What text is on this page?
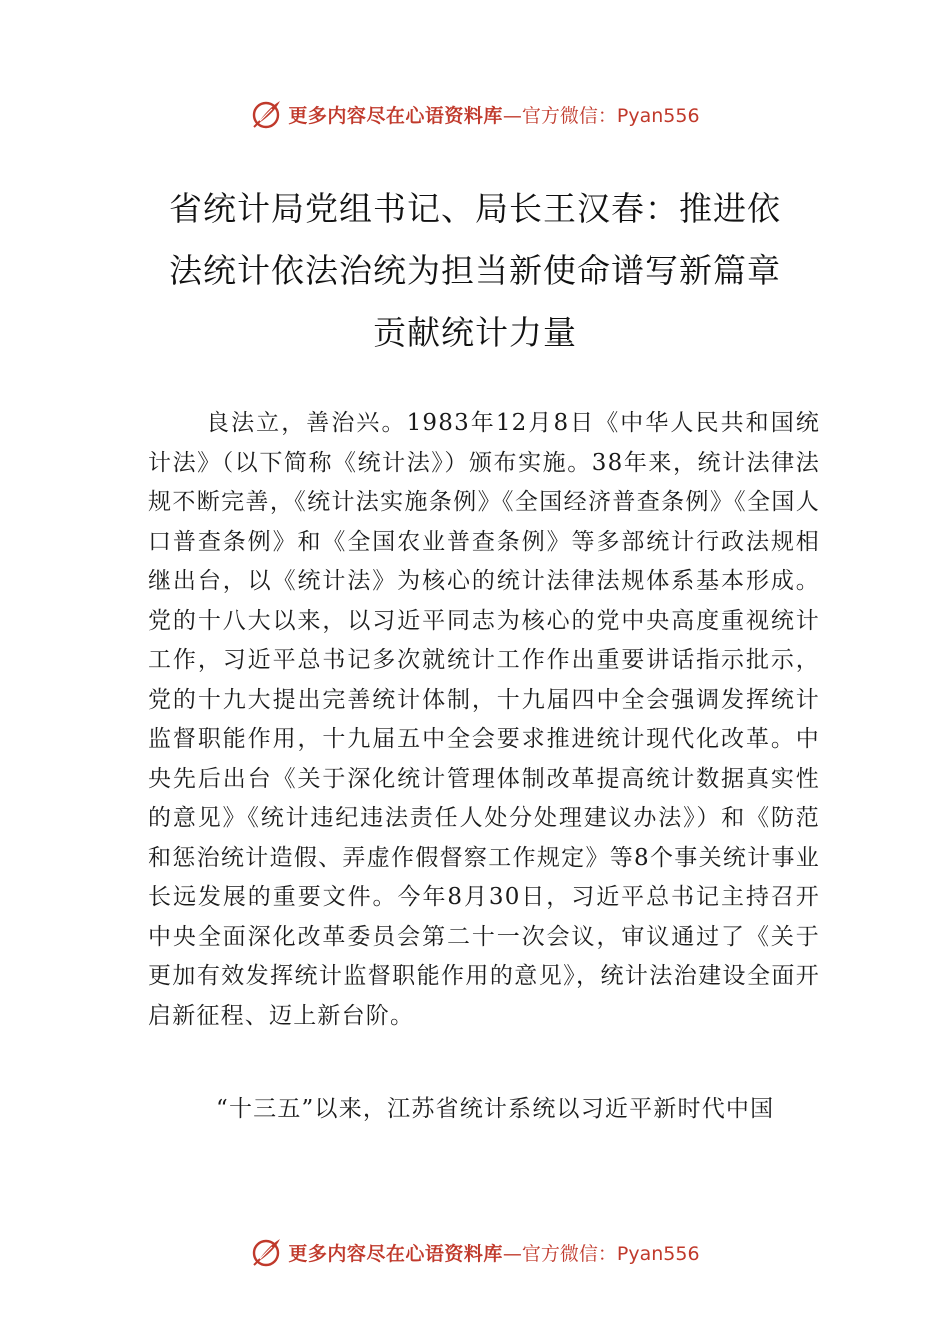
更多内容尽在心语资料库 —官方微信：Pyan556
省统计局党组书记、局长王汉春：推进依
法统计依法治统为担当新使命谱写新篇章
贡献统计力量

良法立，善治兴。1983年12月8日《中华人民共和国统计法》（以下简称《统计法》）颁布实施。38年来，统计法律法规不断完善，《统计法实施条例》《全国经济普查条例》《全国人口普查条例》和《全国农业普查条例》等多部统计行政法规相继出台，以《统计法》为核心的统计法律法规体系基本形成。党的十八大以来，以习近平同志为核心的党中央高度重视统计工作，习近平总书记多次就统计工作作出重要讲话指示批示，党的十九大提出完善统计体制，十九届四中全会强调发挥统计监督职能作用，十九届五中全会要求推进统计现代化改革。中央先后出台《关于深化统计管理体制改革提高统计数据真实性的意见》《统计违纪违法责任人处分处理建议办法》）和《防范和惩治统计造假、弄虚作假督察工作规定》等8个事关统计事业长远发展的重要文件。今年8月30日，习近平总书记主持召开中央全面深化改革委员会第二十一次会议，审议通过了《关于更加有效发挥统计监督职能作用的意见》，统计法治建设全面开启新征程、迈上新台阶。

“十三五”以来，江苏省统计系统以习近平新时代中国

更多内容尽在心语资料库 —官方微信：Pyan556
